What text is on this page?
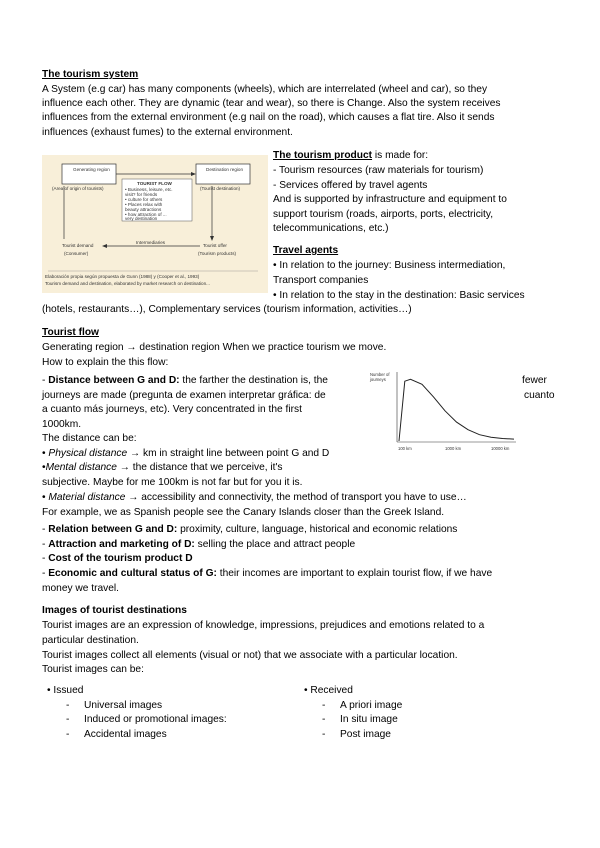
The tourism system
A System (e.g car) has many components (wheels), which are interrelated (wheel and car), so they
influence each other. They are dynamic (tear and wear), so there is Change. Also the system receives
influences from the external environment (e.g nail on the road), which causes a flat tire. Also it sends
influences (exhaust fumes) to the external environment.
Generating region
(Area of origin of tourists)
Destination region
(Tourist destination)
TOURIST FLOW
• Business, leisure, etc.
visit? for friends
• culture for others
• Places relax with
beauty attractions
• how attraction of ...
very destination
Tourist demand
(Consumer)
Intermediaries
Tourist offer
(Tourism products)
Elaboración propia según propuesta de Gunn (1988) y (Cooper et al., 1993)
Tourism demand and destination, elaborated by market research on destination...
The tourism product is made for:
- Tourism resources (raw materials for tourism)
- Services offered by travel agents
And is supported by infrastructure and equipment to
support tourism (roads, airports, ports, electricity,
telecommunications, etc.)
Travel agents
• In relation to the journey: Business intermediation,
Transport companies
• In relation to the stay in the destination: Basic services
(hotels, restaurants…), Complementary services (tourism information, activities…)
Tourist flow
Generating region → destination region When we practice tourism we move.
How to explain the this flow:
- Distance between G and D: the farther the destination is, the	fewer
journeys are made (pregunta de examen interpretar gráfica: de	cuanto
a cuanto más journeys, etc). Very concentrated in the first
1000km.
The distance can be:
• Physical distance → km in straight line between point G and D
•Mental distance → the distance that we perceive, it's
subjective. Maybe for me 100km is not far but for you it is.
• Material distance → accessibility and connectivity, the method of transport you have to use…
For example, we as Spanish people see the Canary Islands closer than the Greek Island.
- Relation between G and D: proximity, culture, language, historical and economic relations
- Attraction and marketing of D: selling the place and attract people
- Cost of the tourism product D
- Economic and cultural status of G: their incomes are important to explain tourist flow, if we have
money we travel.
Number of journeys
100 km	1000 km	10000 km
Images of tourist destinations
Tourist images are an expression of knowledge, impressions, prejudices and emotions related to a
particular destination.
Tourist images collect all elements (visual or not) that we associate with a particular location.
Tourist images can be:
• Issued
- Universal images
- Induced or promotional images:
- Accidental images
• Received
- A priori image
- In situ image
- Post image
